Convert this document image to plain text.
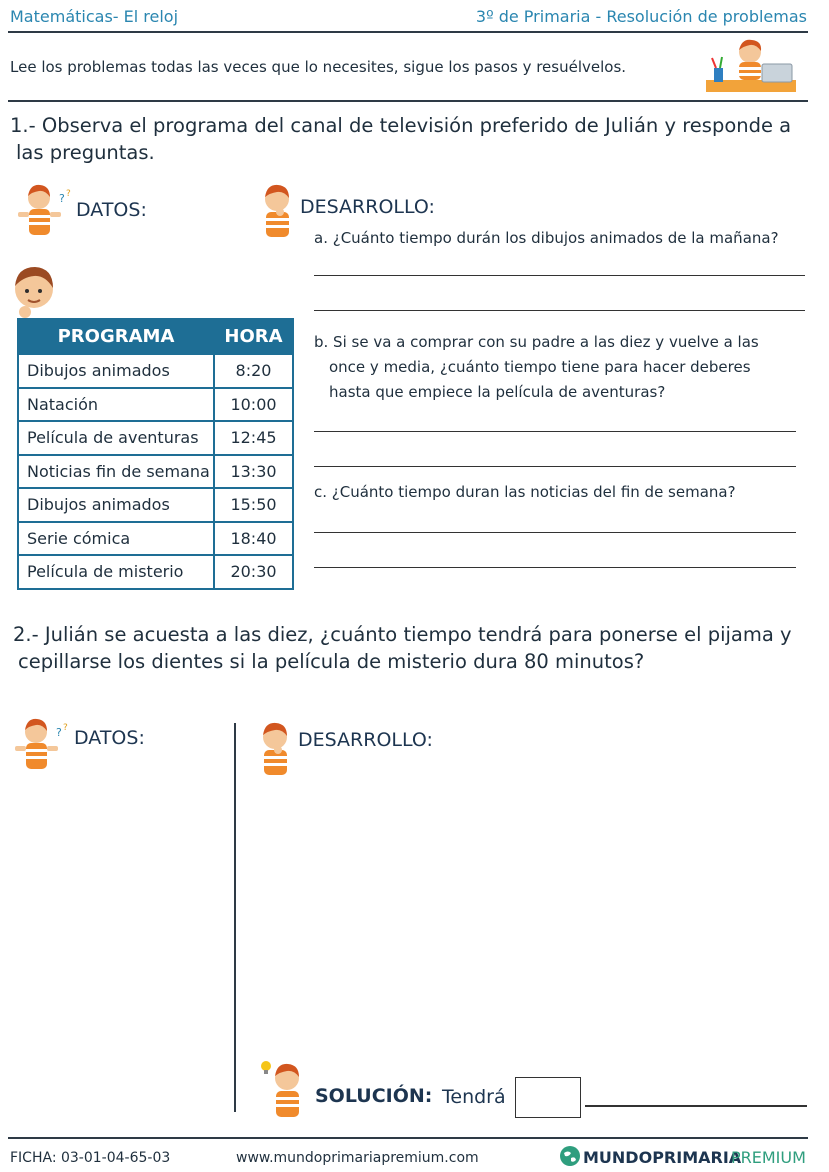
Matemáticas- El reloj	3º de Primaria - Resolución de problemas
Lee los problemas todas las veces que lo necesites, sigue los pasos y resuélvelos.
1.- Observa el programa del canal de televisión preferido de Julián y responde a
las preguntas.
? ?
DATOS:	DESARROLLO:
PROGRAMA	HORA
Dibujos animados	8:20
Natación	10:00
Película de aventuras	12:45
Noticias fin de semana	13:30
Dibujos animados	15:50
Serie cómica	18:40
Película de misterio	20:30
a. ¿Cuánto tiempo durán los dibujos animados de la mañana?
b. Si se va a comprar con su padre a las diez y vuelve a las
once y media, ¿cuánto tiempo tiene para hacer deberes
hasta que empiece la película de aventuras?
c. ¿Cuánto tiempo duran las noticias del fin de semana?
2.- Julián se acuesta a las diez, ¿cuánto tiempo tendrá para ponerse el pijama y
cepillarse los dientes si la película de misterio dura 80 minutos?
? ? DATOS:	DESARROLLO:
SOLUCIÓN: Tendrá
FICHA: 03-01-04-65-03	www.mundoprimariapremium.com	MUNDOPRIMARIA
PREMIUM
